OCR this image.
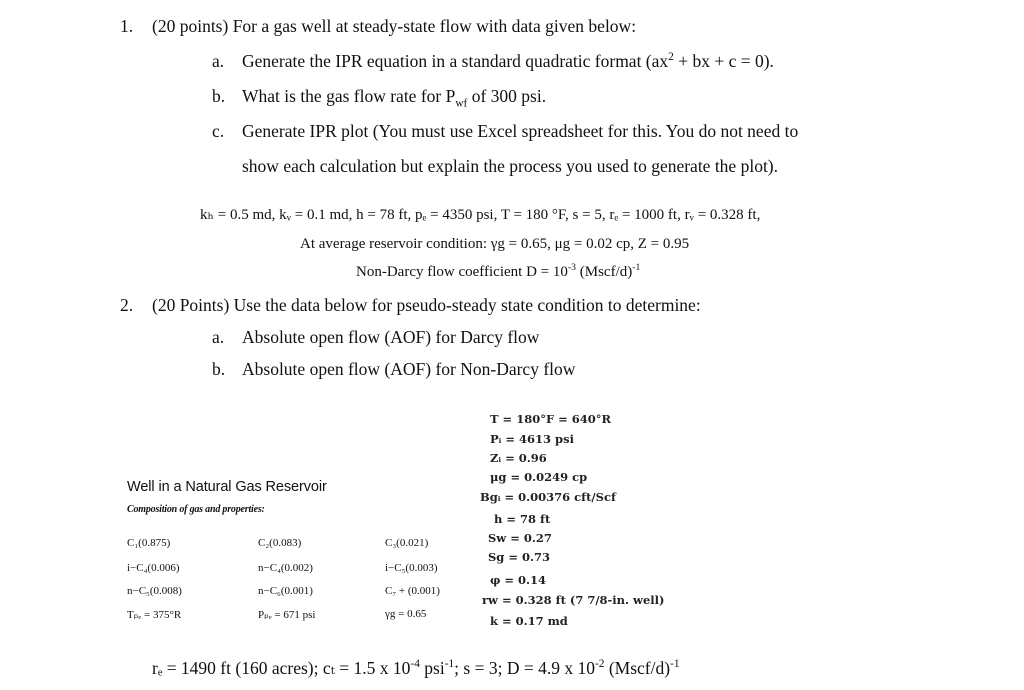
1. (20 points) For a gas well at steady-state flow with data given below:
a. Generate the IPR equation in a standard quadratic format ($ax^2$ + bx + c = 0).
b. What is the gas flow rate for $P_{wf}$ of 300 psi.
c. Generate IPR plot (You must use Excel spreadsheet for this. You do not need to
show each calculation but explain the process you used to generate the plot).
kₕ = 0.5 md, kᵥ = 0.1 md, h = 78 ft, pₑ = 4350 psi, T = 180 °F, s = 5, rₑ = 1000 ft, rᵥ = 0.328 ft,
At average reservoir condition: γg = 0.65, μg = 0.02 cp, Z = 0.95
Non-Darcy flow coefficient $D = 10^{-3}$ (Mscf/d)$^{-1}$
2. (20 Points) Use the data below for pseudo-steady state condition to determine:
a. Absolute open flow (AOF) for Darcy flow
b. Absolute open flow (AOF) for Non-Darcy flow
Well in a Natural Gas Reservoir
Composition of gas and properties:
C₁(0.875)
i−C₄(0.006)
n−C₅(0.008)
Tₚₑ = 375°R
C₂(0.083)
n−C₄(0.002)
n−C₆(0.001)
Pₚₑ = 671 psi
C₃(0.021)
i−C₅(0.003)
C₇ + (0.001)
γg = 0.65
T = 180°F = 640°R
Pᵢ = 4613 psi
Zᵢ = 0.96
μg = 0.0249 cp
Bgᵢ = 0.00376 cft/Scf
h = 78 ft
Sw = 0.27
Sg = 0.73
φ = 0.14
rw = 0.328 ft (7 7/8-in. well)
k = 0.17 md
rₑ = 1490 ft (160 acres); cₜ = 1.5 x $10^{-4}$ psi$^{-1}$; s = 3; D = 4.9 x $10^{-2}$ (Mscf/d)$^{-1}$
